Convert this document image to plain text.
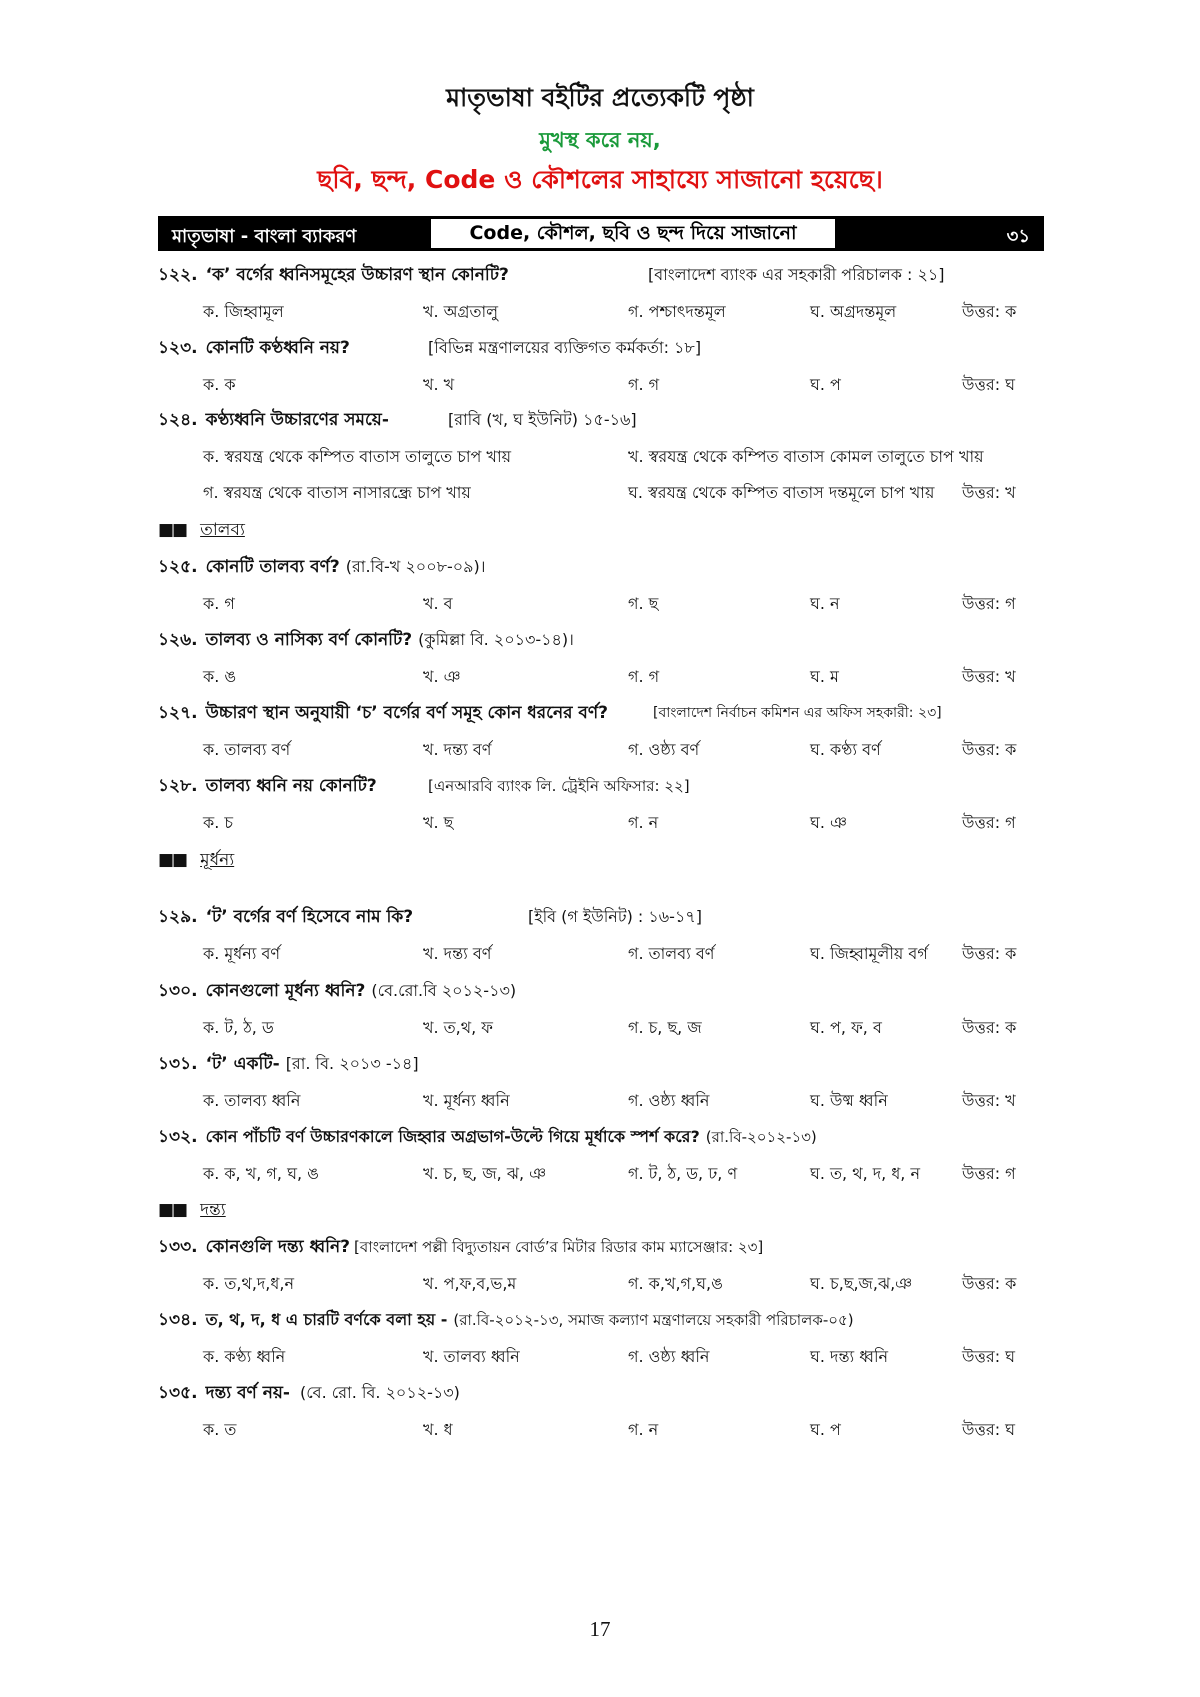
মাতৃভাষা বইটির প্রত্যেকটি পৃষ্ঠা
মুখস্থ করে নয়,
ছবি, ছন্দ, Code ও কৌশলের সাহায্যে সাজানো হয়েছে।
মাতৃভাষা - বাংলা ব্যাকরণ	Code, কৌশল, ছবি ও ছন্দ দিয়ে সাজানো	৩১
১২২. ‘ক’ বর্গের ধ্বনিসমূহের উচ্চারণ স্থান কোনটি?	[বাংলাদেশ ব্যাংক এর সহকারী পরিচালক : ২১]
ক. জিহ্বামূল	খ. অগ্রতালু	গ. পশ্চাৎদন্তমূল	ঘ. অগ্রদন্তমূল	উত্তর: ক
১২৩. কোনটি কণ্ঠধ্বনি নয়?	[বিভিন্ন মন্ত্রণালয়ের ব্যক্তিগত কর্মকর্তা: ১৮]
ক. ক	খ. খ	গ. গ	ঘ. প	উত্তর: ঘ
১২৪. কণ্ঠ্যধ্বনি উচ্চারণের সময়ে-	[রাবি (খ, ঘ ইউনিট) ১৫-১৬]
ক. স্বরযন্ত্র থেকে কম্পিত বাতাস তালুতে চাপ খায়	খ. স্বরযন্ত্র থেকে কম্পিত বাতাস কোমল তালুতে চাপ খায়
গ. স্বরযন্ত্র থেকে বাতাস নাসারন্ধ্রে চাপ খায়	ঘ. স্বরযন্ত্র থেকে কম্পিত বাতাস দন্তমূলে চাপ খায় উত্তর: খ
■■ তালব্য
১২৫. কোনটি তালব্য বর্ণ? (রা.বি-খ ২০০৮-০৯)।
ক. গ	খ. ব	গ. ছ	ঘ. ন	উত্তর: গ
১২৬. তালব্য ও নাসিক্য বর্ণ কোনটি? (কুমিল্লা বি. ২০১৩-১৪)।
ক. ঙ	খ. ঞ	গ. গ	ঘ. ম	উত্তর: খ
১২৭. উচ্চারণ স্থান অনুযায়ী ‘চ’ বর্গের বর্ণ সমূহ কোন ধরনের বর্ণ?	[বাংলাদেশ নির্বাচন কমিশন এর অফিস সহকারী: ২৩]
ক. তালব্য বর্ণ	খ. দন্ত্য বর্ণ	গ. ওষ্ঠ্য বর্ণ	ঘ. কণ্ঠ্য বর্ণ	উত্তর: ক
১২৮. তালব্য ধ্বনি নয় কোনটি?	[এনআরবি ব্যাংক লি. ট্রেইনি অফিসার: ২২]
ক. চ	খ. ছ	গ. ন	ঘ. ঞ	উত্তর: গ
■■ মূর্ধন্য
১২৯. ‘ট’ বর্গের বর্ণ হিসেবে নাম কি?	[ইবি (গ ইউনিট) : ১৬-১৭]
ক. মূর্ধন্য বর্ণ	খ. দন্ত্য বর্ণ	গ. তালব্য বর্ণ	ঘ. জিহ্বামূলীয় বর্গ উত্তর: ক
১৩০. কোনগুলো মূর্ধন্য ধ্বনি? (বে.রো.বি ২০১২-১৩)
ক. ট, ঠ, ড	খ. ত,থ, ফ	গ. চ, ছ, জ	ঘ. প, ফ, ব	উত্তর: ক
১৩১. ‘ট’ একটি- [রা. বি. ২০১৩ -১৪]
ক. তালব্য ধ্বনি	খ. মূর্ধন্য ধ্বনি	গ. ওষ্ঠ্য ধ্বনি	ঘ. উষ্ম ধ্বনি	উত্তর: খ
১৩২. কোন পাঁচটি বর্ণ উচ্চারণকালে জিহ্বার অগ্রভাগ-উল্টে গিয়ে মূর্ধাকে স্পর্শ করে? (রা.বি-২০১২-১৩)
ক. ক, খ, গ, ঘ, ঙ	খ. চ, ছ, জ, ঝ, ঞ	গ. ট, ঠ, ড, ঢ, ণ	ঘ. ত, থ, দ, ধ, ন	উত্তর: গ
■■ দন্ত্য
১৩৩. কোনগুলি দন্ত্য ধ্বনি? [বাংলাদেশ পল্লী বিদ্যুতায়ন বোর্ড’র মিটার রিডার কাম ম্যাসেঞ্জার: ২৩]
ক. ত,থ,দ,ধ,ন	খ. প,ফ,ব,ভ,ম	গ. ক,খ,গ,ঘ,ঙ	ঘ. চ,ছ,জ,ঝ,ঞ	উত্তর: ক
১৩৪. ত, থ, দ, ধ এ চারটি বর্ণকে বলা হয় - (রা.বি-২০১২-১৩, সমাজ কল্যাণ মন্ত্রণালয়ে সহকারী পরিচালক-০৫)
ক. কণ্ঠ্য ধ্বনি	খ. তালব্য ধ্বনি	গ. ওষ্ঠ্য ধ্বনি	ঘ. দন্ত্য ধ্বনি	উত্তর: ঘ
১৩৫. দন্ত্য বর্ণ নয়- (বে. রো. বি. ২০১২-১৩)
ক. ত	খ. ধ	গ. ন	ঘ. প	উত্তর: ঘ
17
